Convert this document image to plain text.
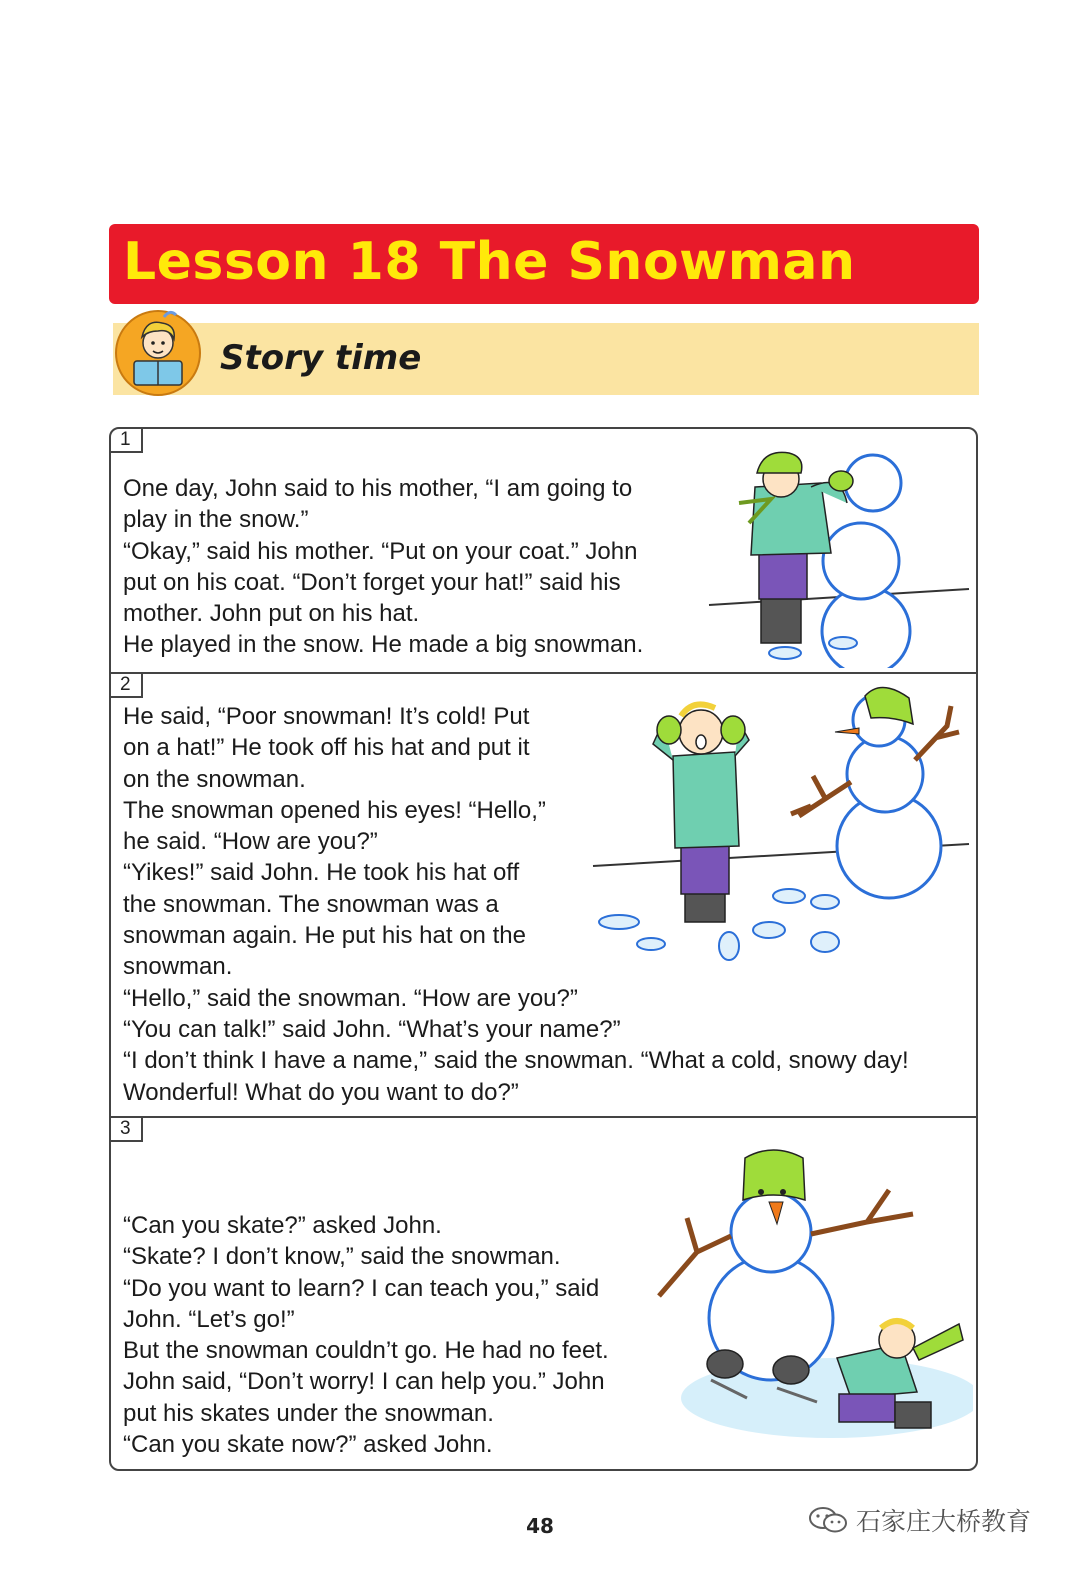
Lesson 18 The Snowman
Story time
1
One day, John said to his mother, “I am going to
play in the snow.”
“Okay,” said his mother. “Put on your coat.” John
put on his coat. “Don’t forget your hat!” said his
mother. John put on his hat.
He played in the snow. He made a big snowman.
2
He said, “Poor snowman! It’s cold! Put
on a hat!” He took off his hat and put it
on the snowman.
The snowman opened his eyes! “Hello,”
he said. “How are you?”
“Yikes!” said John. He took his hat off
the snowman. The snowman was a
snowman again. He put his hat on the
snowman.
“Hello,” said the snowman. “How are you?”
“You can talk!” said John. “What’s your name?”
“I don’t think I have a name,” said the snowman. “What a cold, snowy day!
Wonderful! What do you want to do?”
3
“Can you skate?” asked John.
“Skate? I don’t know,” said the snowman.
“Do you want to learn? I can teach you,” said
John. “Let’s go!”
But the snowman couldn’t go. He had no feet.
John said, “Don’t worry! I can help you.” John
put his skates under the snowman.
“Can you skate now?” asked John.
48	石家庄大桥教育
